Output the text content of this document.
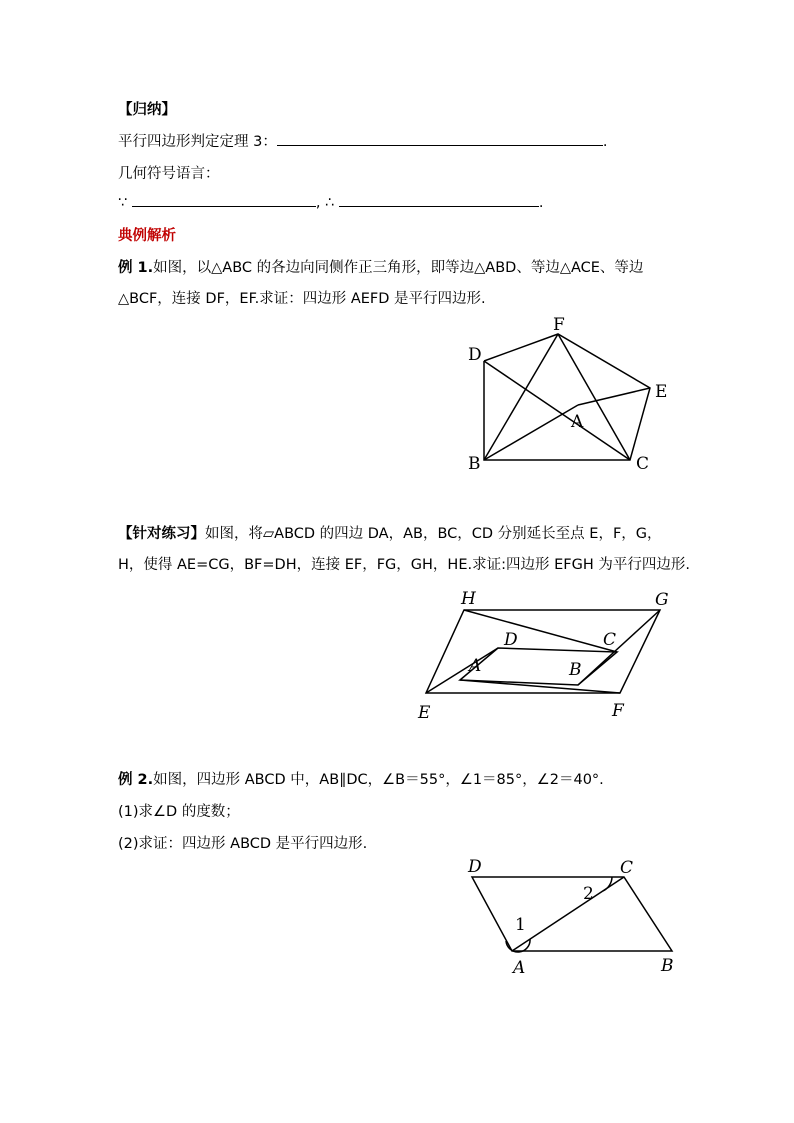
【归纳】
平行四边形判定定理 3：	.
几何符号语言：
∵	, ∴	.
典例解析
例 1.如图，以△ABC 的各边向同侧作正三角形，即等边△ABD、等边△ACE、等边
△BCF，连接 DF，EF.求证：四边形 AEFD 是平行四边形.
F
D
E
A
B	C
【针对练习】如图，将▱ABCD 的四边 DA，AB，BC，CD 分别延长至点 E，F，G，
H，使得 AE=CG，BF=DH，连接 EF，FG，GH，HE.求证:四边形 EFGH 为平行四边形.
H	G
D	C
A	B
E	F
例 2.如图，四边形 ABCD 中，AB∥DC，∠B＝55°，∠1＝85°，∠2＝40°.
(1)求∠D 的度数；
(2)求证：四边形 ABCD 是平行四边形.
D	C
2
1
A	B
